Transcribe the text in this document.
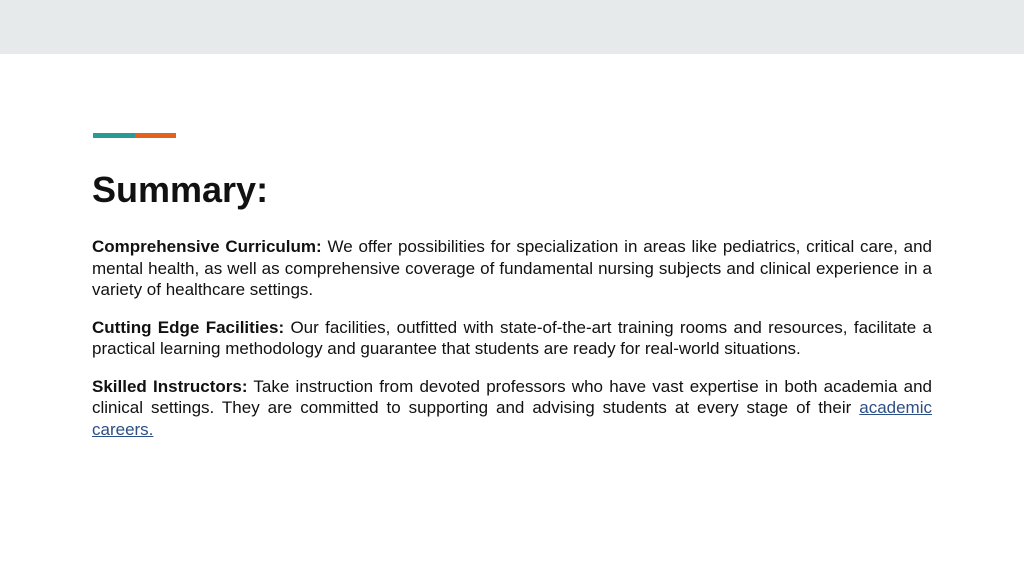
Summary:

Comprehensive Curriculum: We offer possibilities for specialization in areas like pediatrics, critical care, and mental health, as well as comprehensive coverage of fundamental nursing subjects and clinical experience in a variety of healthcare settings.

Cutting Edge Facilities: Our facilities, outfitted with state-of-the-art training rooms and resources, facilitate a practical learning methodology and guarantee that students are ready for real-world situations.

Skilled Instructors: Take instruction from devoted professors who have vast expertise in both academia and clinical settings. They are committed to supporting and advising students at every stage of their academic careers.
